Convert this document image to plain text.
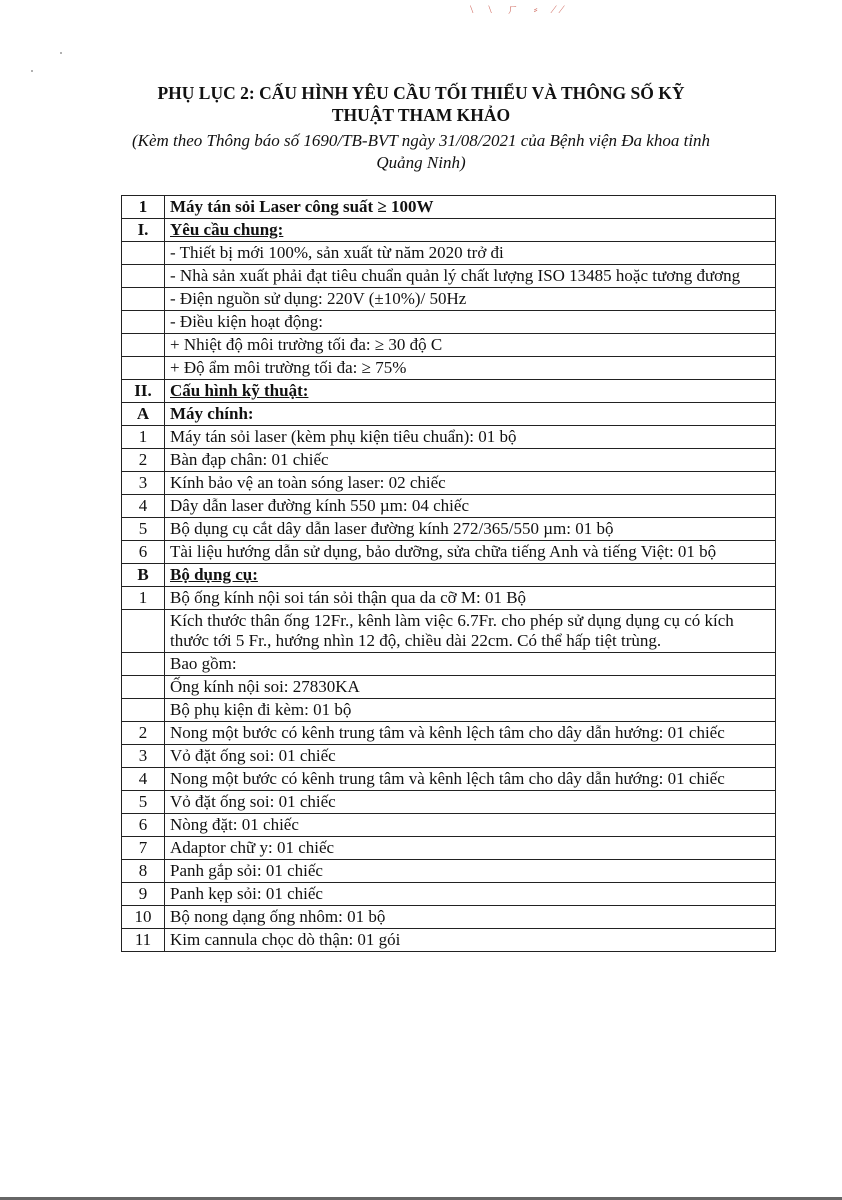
\ \ ㄏ ⸗ ⁄⁄
PHỤ LỤC 2: CẤU HÌNH YÊU CẦU TỐI THIỂU VÀ THÔNG SỐ KỸ
THUẬT THAM KHẢO
(Kèm theo Thông báo số 1690/TB-BVT ngày 31/08/2021 của Bệnh viện Đa khoa tỉnh
Quảng Ninh)
1	Máy tán sỏi Laser công suất ≥ 100W
I.	Yêu cầu chung:
	- Thiết bị mới 100%, sản xuất từ năm 2020 trở đi
	- Nhà sản xuất phải đạt tiêu chuẩn quản lý chất lượng ISO 13485 hoặc tương đương
	- Điện nguồn sử dụng: 220V (±10%)/ 50Hz
	- Điều kiện hoạt động:
	+ Nhiệt độ môi trường tối đa: ≥ 30 độ C
	+ Độ ẩm môi trường tối đa: ≥ 75%
II.	Cấu hình kỹ thuật:
A	Máy chính:
1	Máy tán sỏi laser (kèm phụ kiện tiêu chuẩn): 01 bộ
2	Bàn đạp chân: 01 chiếc
3	Kính bảo vệ an toàn sóng laser: 02 chiếc
4	Dây dẫn laser đường kính 550 µm: 04 chiếc
5	Bộ dụng cụ cắt dây dẫn laser đường kính 272/365/550 µm: 01 bộ
6	Tài liệu hướng dẫn sử dụng, bảo dưỡng, sửa chữa tiếng Anh và tiếng Việt: 01 bộ
B	Bộ dụng cụ:
1	Bộ ống kính nội soi tán sỏi thận qua da cỡ M: 01 Bộ
	Kích thước thân ống 12Fr., kênh làm việc 6.7Fr. cho phép sử dụng dụng cụ có kích thước tới 5 Fr., hướng nhìn 12 độ, chiều dài 22cm. Có thể hấp tiệt trùng.
	Bao gồm:
	Ống kính nội soi: 27830KA
	Bộ phụ kiện đi kèm: 01 bộ
2	Nong một bước có kênh trung tâm và kênh lệch tâm cho dây dẫn hướng: 01 chiếc
3	Vỏ đặt ống soi: 01 chiếc
4	Nong một bước có kênh trung tâm và kênh lệch tâm cho dây dẫn hướng: 01 chiếc
5	Vỏ đặt ống soi: 01 chiếc
6	Nòng đặt: 01 chiếc
7	Adaptor chữ y: 01 chiếc
8	Panh gắp sỏi: 01 chiếc
9	Panh kẹp sỏi: 01 chiếc
10	Bộ nong dạng ống nhôm: 01 bộ
11	Kim cannula chọc dò thận: 01 gói
